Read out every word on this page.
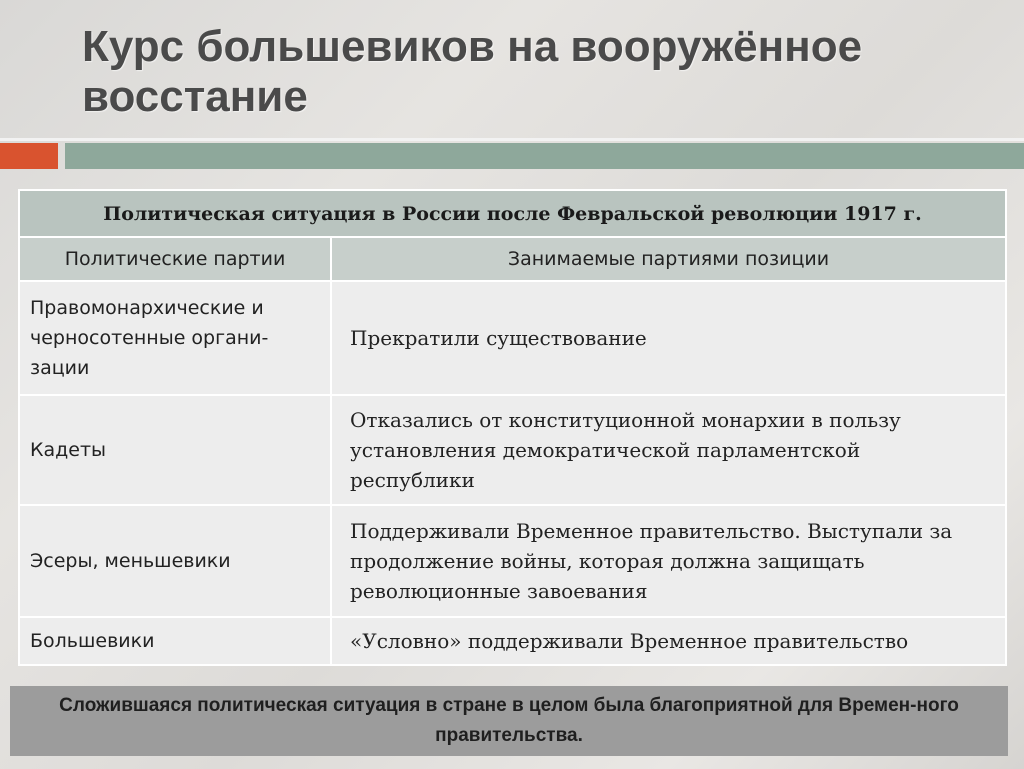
Курс большевиков на вооружённое восстание
Политическая ситуация в России после Февральской революции 1917 г.	
Политические партии	Занимаемые партиями позиции
Правомонархические и черносотенные органи-зации	Прекратили существование
Кадеты	Отказались от конституционной монархии в пользу установления демократической парламентской республики
Эсеры, меньшевики	Поддерживали Временное правительство. Выступали за продолжение войны, которая должна защищать революционные завоевания
Большевики	«Условно» поддерживали Временное правительство
Сложившаяся политическая ситуация в стране в целом была благоприятной для Времен-ного правительства.
